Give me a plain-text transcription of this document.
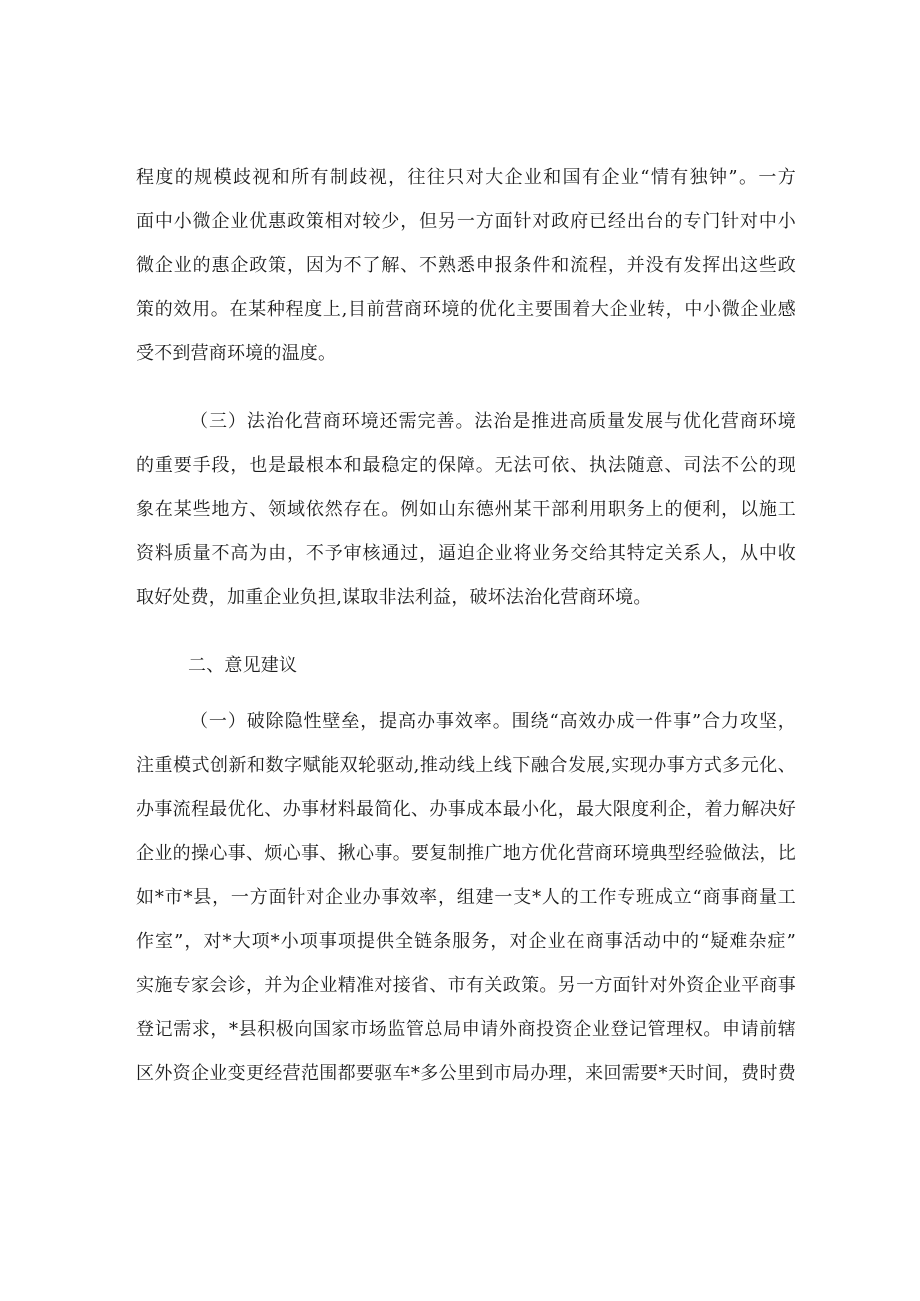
程度的规模歧视和所有制歧视，往往只对大企业和国有企业“情有独钟”。一方
面中小微企业优惠政策相对较少，但另一方面针对政府已经出台的专门针对中小
微企业的惠企政策，因为不了解、不熟悉申报条件和流程，并没有发挥出这些政
策的效用。在某种程度上,目前营商环境的优化主要围着大企业转，中小微企业感
受不到营商环境的温度。
（三）法治化营商环境还需完善。法治是推进高质量发展与优化营商环境
的重要手段，也是最根本和最稳定的保障。无法可依、执法随意、司法不公的现
象在某些地方、领域依然存在。例如山东德州某干部利用职务上的便利，以施工
资料质量不高为由，不予审核通过，逼迫企业将业务交给其特定关系人，从中收
取好处费，加重企业负担,谋取非法利益，破坏法治化营商环境。
二、意见建议
（一）破除隐性壁垒，提高办事效率。围绕“高效办成一件事”合力攻坚，
注重模式创新和数字赋能双轮驱动,推动线上线下融合发展,实现办事方式多元化、
办事流程最优化、办事材料最简化、办事成本最小化，最大限度利企，着力解决好
企业的操心事、烦心事、揪心事。要复制推广地方优化营商环境典型经验做法，比
如*市*县，一方面针对企业办事效率，组建一支*人的工作专班成立“商事商量工
作室”，对*大项*小项事项提供全链条服务，对企业在商事活动中的“疑难杂症”
实施专家会诊，并为企业精准对接省、市有关政策。另一方面针对外资企业平商事
登记需求，*县积极向国家市场监管总局申请外商投资企业登记管理权。申请前辖
区外资企业变更经营范围都要驱车*多公里到市局办理，来回需要*天时间，费时费
